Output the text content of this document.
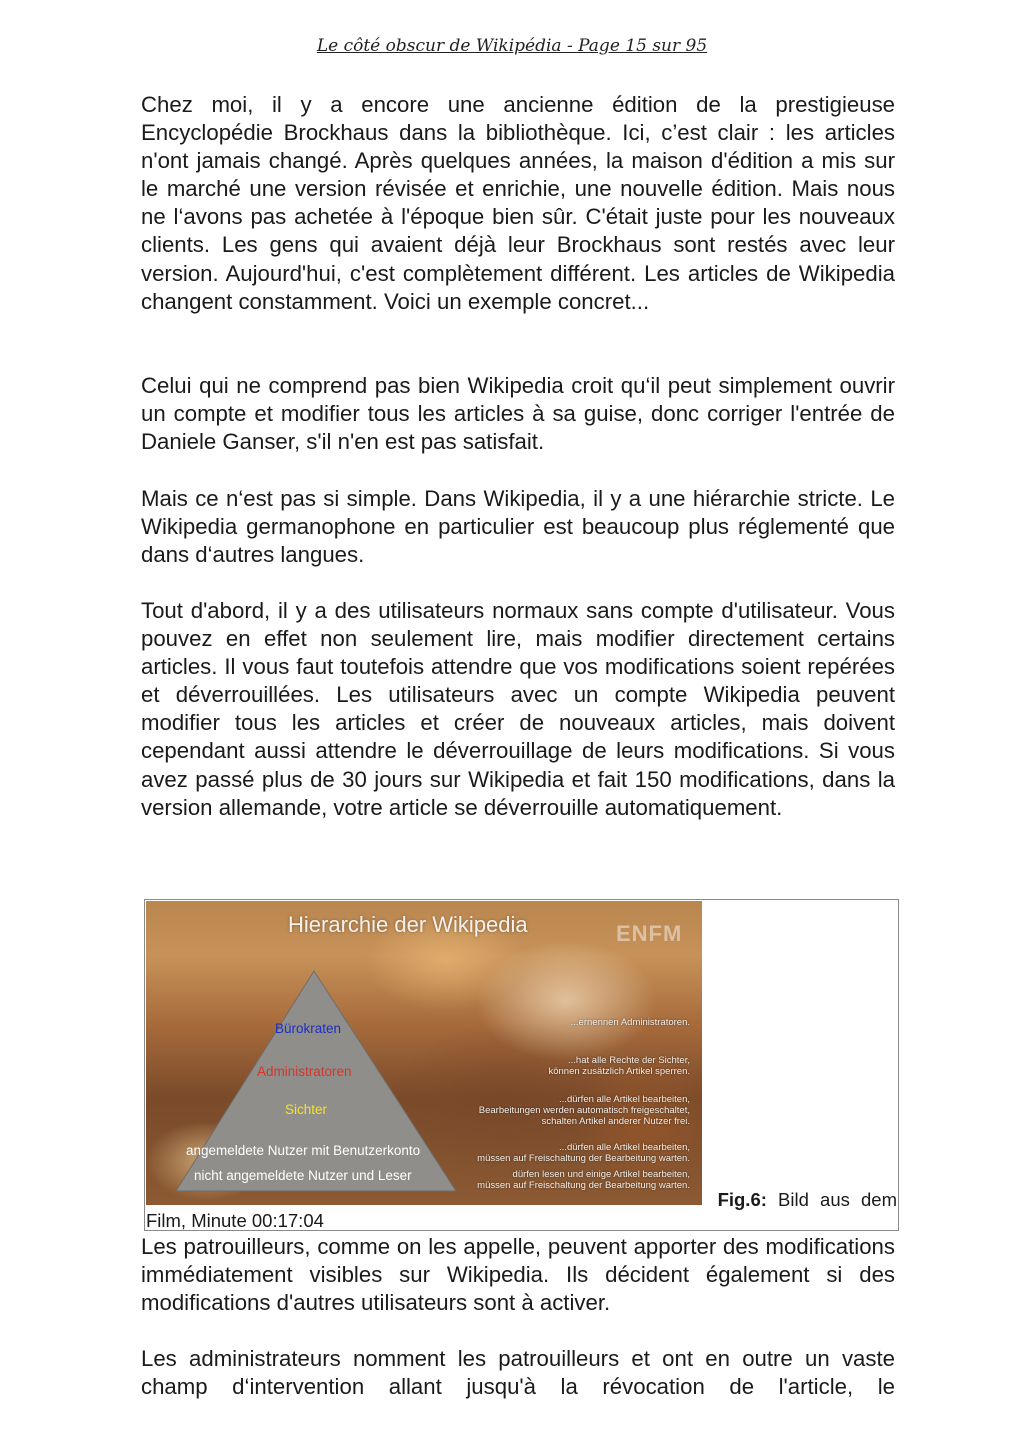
Le côté obscur de Wikipédia - Page 15 sur 95

Chez moi, il y a encore une ancienne édition de la prestigieuse Encyclopédie Brockhaus dans la bibliothèque. Ici, c’est clair : les articles n'ont jamais changé. Après quelques années, la maison d'édition a mis sur le marché une version révisée et enrichie, une nouvelle édition. Mais nous ne l‘avons pas achetée à l'époque bien sûr. C'était juste pour les nouveaux clients. Les gens qui avaient déjà leur Brockhaus sont restés avec leur version. Aujourd'hui, c'est complètement différent. Les articles de Wikipedia changent constamment. Voici un exemple concret...

Celui qui ne comprend pas bien Wikipedia croit qu‘il peut simplement ouvrir un compte et modifier tous les articles à sa guise, donc corriger l'entrée de Daniele Ganser, s'il n'en est pas satisfait.

Mais ce n‘est pas si simple. Dans Wikipedia, il y a une hiérarchie stricte. Le Wikipedia germanophone en particulier est beaucoup plus réglementé que dans d‘autres langues.

Tout d'abord, il y a des utilisateurs normaux sans compte d'utilisateur. Vous pouvez en effet non seulement lire, mais modifier directement certains articles. Il vous faut toutefois attendre que vos modifications soient repérées et déverrouillées. Les utilisateurs avec un compte Wikipedia peuvent modifier tous les articles et créer de nouveaux articles, mais doivent cependant aussi attendre le déverrouillage de leurs modifications. Si vous avez passé plus de 30 jours sur Wikipedia et fait 150 modifications, dans la version allemande, votre article se déverrouille automatiquement.

Hierarchie der Wikipedia	ENFM
Bürokraten
Administratoren
Sichter
angemeldete Nutzer mit Benutzerkonto
nicht angemeldete Nutzer und Leser
...ernennen Administratoren.
...hat alle Rechte der Sichter,
können zusätzlich Artikel sperren.
...dürfen alle Artikel bearbeiten,
Bearbeitungen werden automatisch freigeschaltet,
schalten Artikel anderer Nutzer frei.
...dürfen alle Artikel bearbeiten,
müssen auf Freischaltung der Bearbeitung warten.
dürfen lesen und einige Artikel bearbeiten,
müssen auf Freischaltung der Bearbeitung warten.
Fig.6: Bild aus dem
Film, Minute 00:17:04

Les patrouilleurs, comme on les appelle, peuvent apporter des modifications immédiatement visibles sur Wikipedia. Ils décident également si des modifications d'autres utilisateurs sont à activer.

Les administrateurs nomment les patrouilleurs et ont en outre un vaste champ d‘intervention allant jusqu'à la révocation de l'article, le
